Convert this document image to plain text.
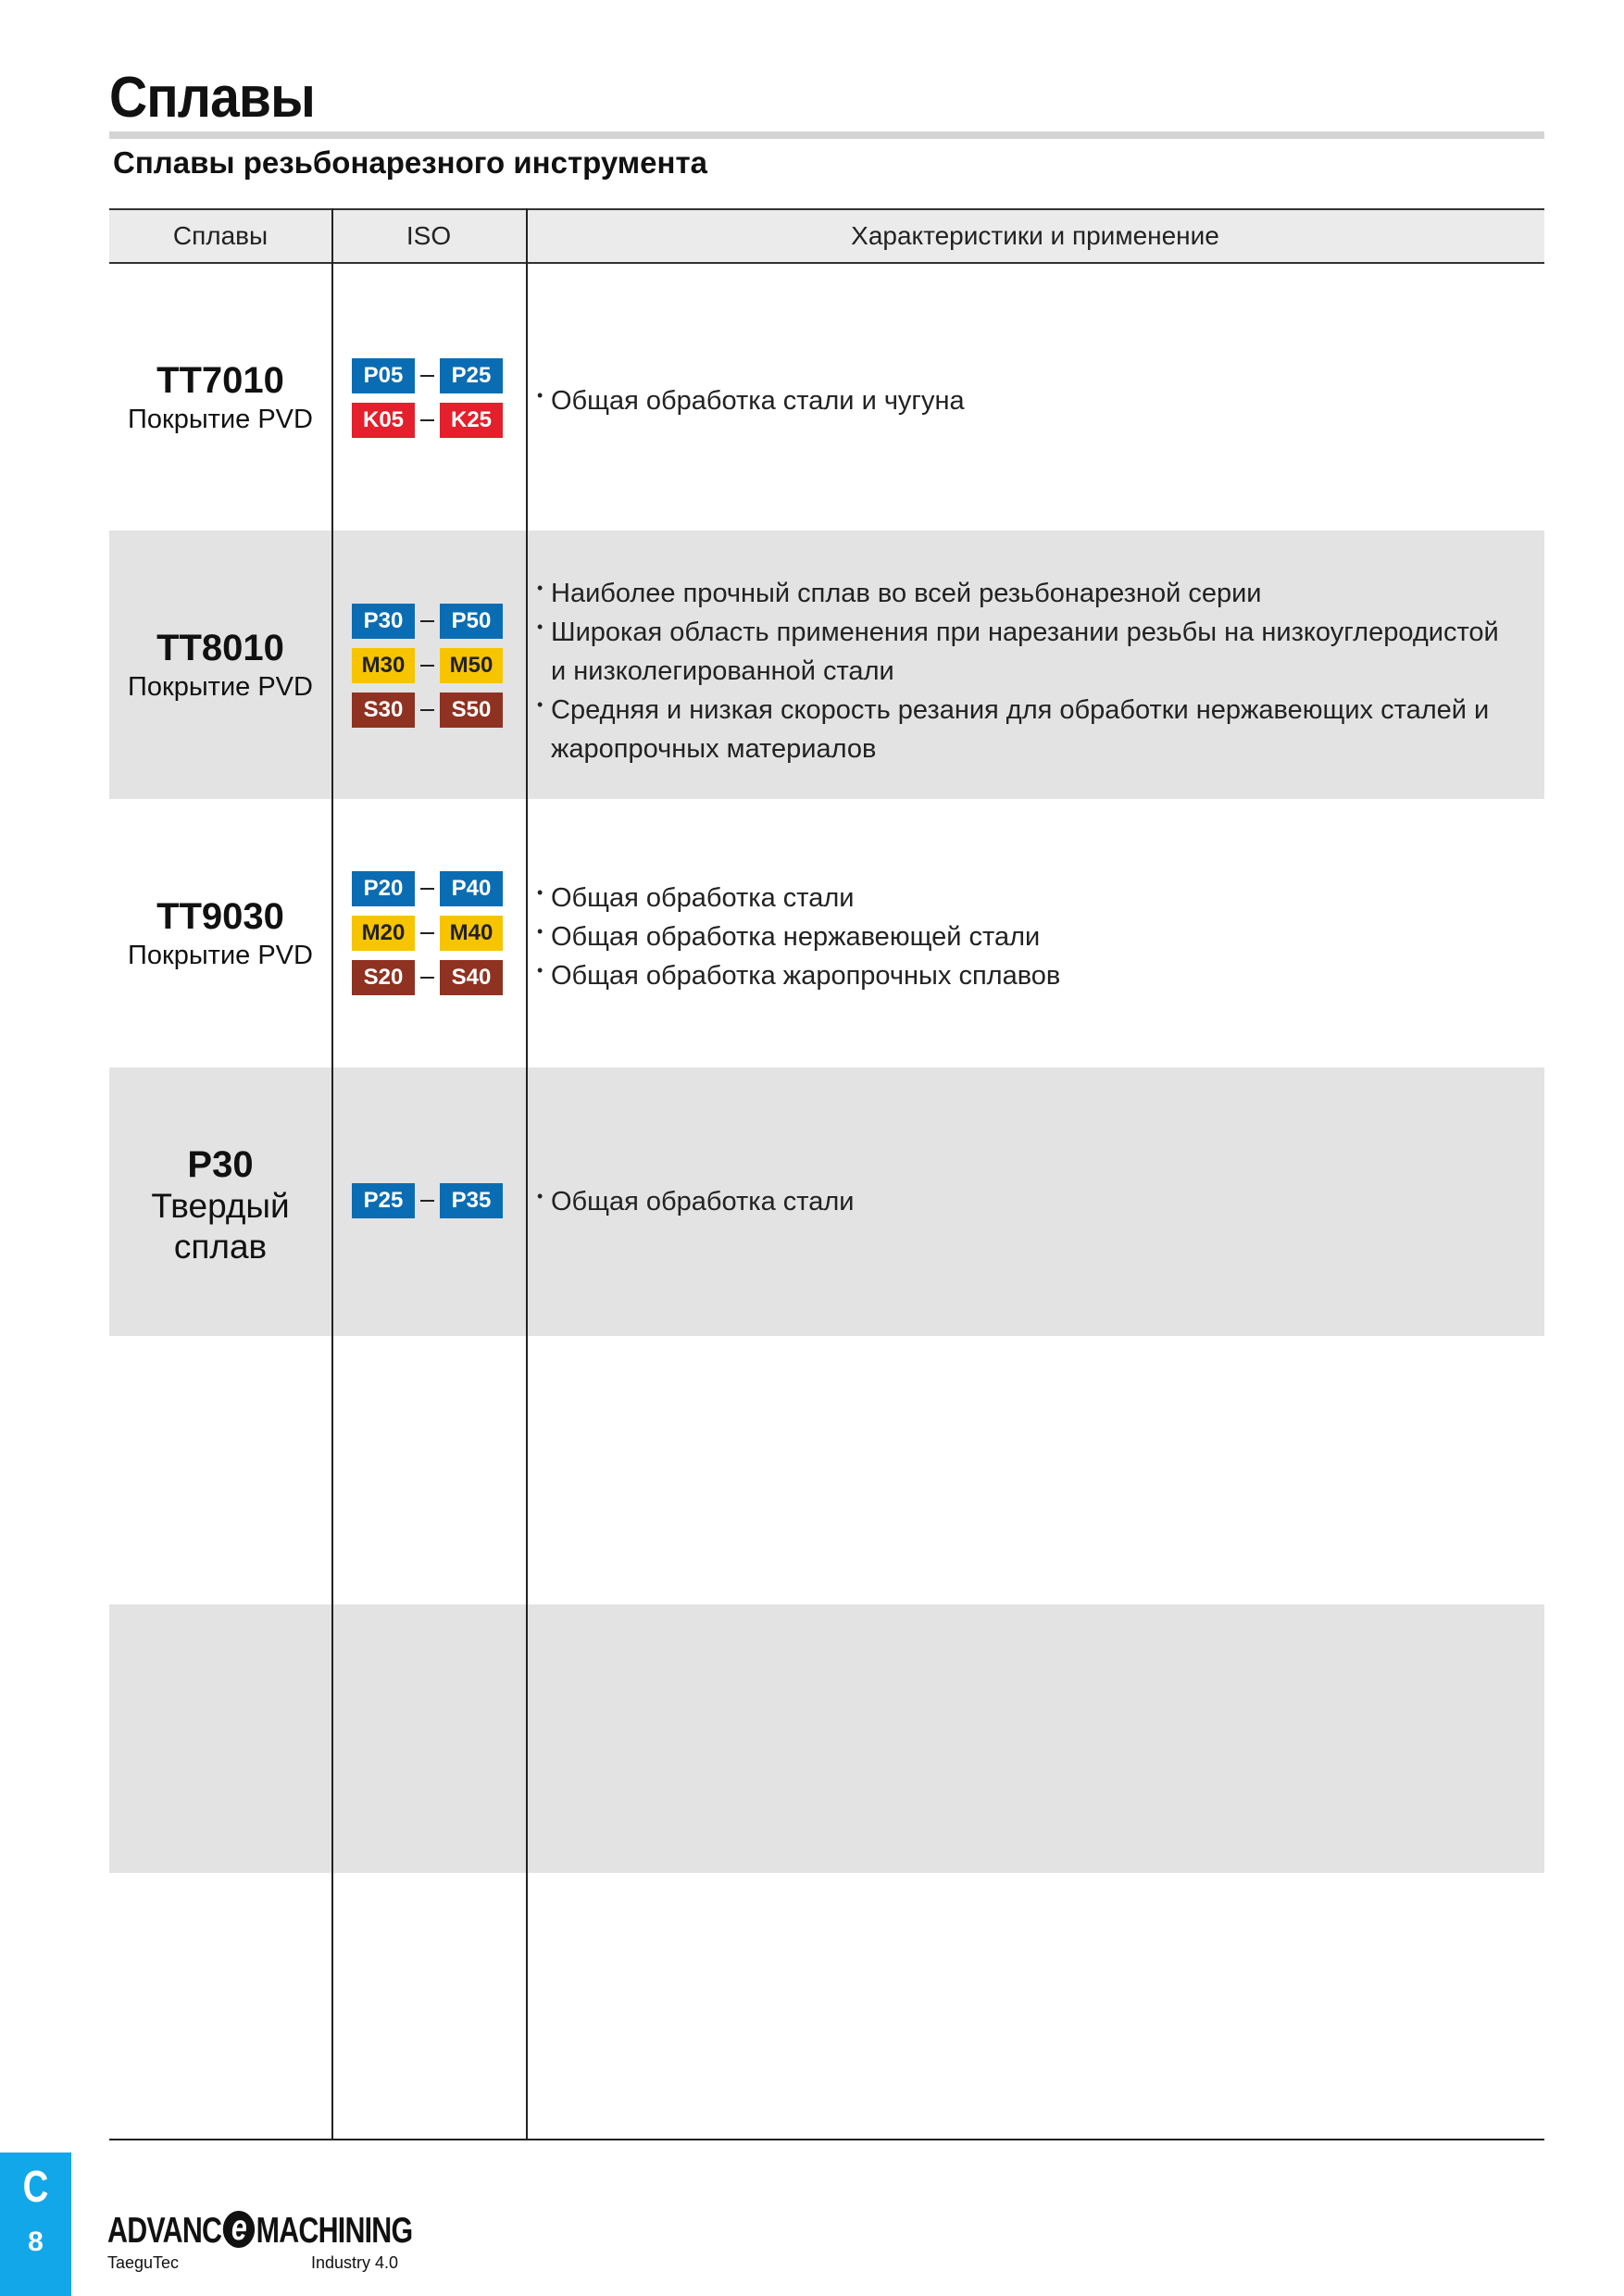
Сплавы
Сплавы резьбонарезного инструмента
Сплавы	ISO	Характеристики и применение
TT7010
Покрытие PVD
P05	P25
K05	K25
• Общая обработка стали и чугуна
TT8010
Покрытие PVD
P30	P50
M30	M50
S30	S50
• Наиболее прочный сплав во всей резьбонарезной серии
• Широкая область применения при нарезании резьбы на низкоуглеродистой и низколегированной стали
• Средняя и низкая скорость резания для обработки нержавеющих сталей и жаропрочных материалов
TT9030
Покрытие PVD
P20	P40
M20	M40
S20	S40
• Общая обработка стали
• Общая обработка нержавеющей стали
• Общая обработка жаропрочных сплавов
P30
Твердый
сплав
P25	P35
•	Общая обработка стали
C
8	ADVANC e MACHINING
TaeguTec	Industry 4.0
